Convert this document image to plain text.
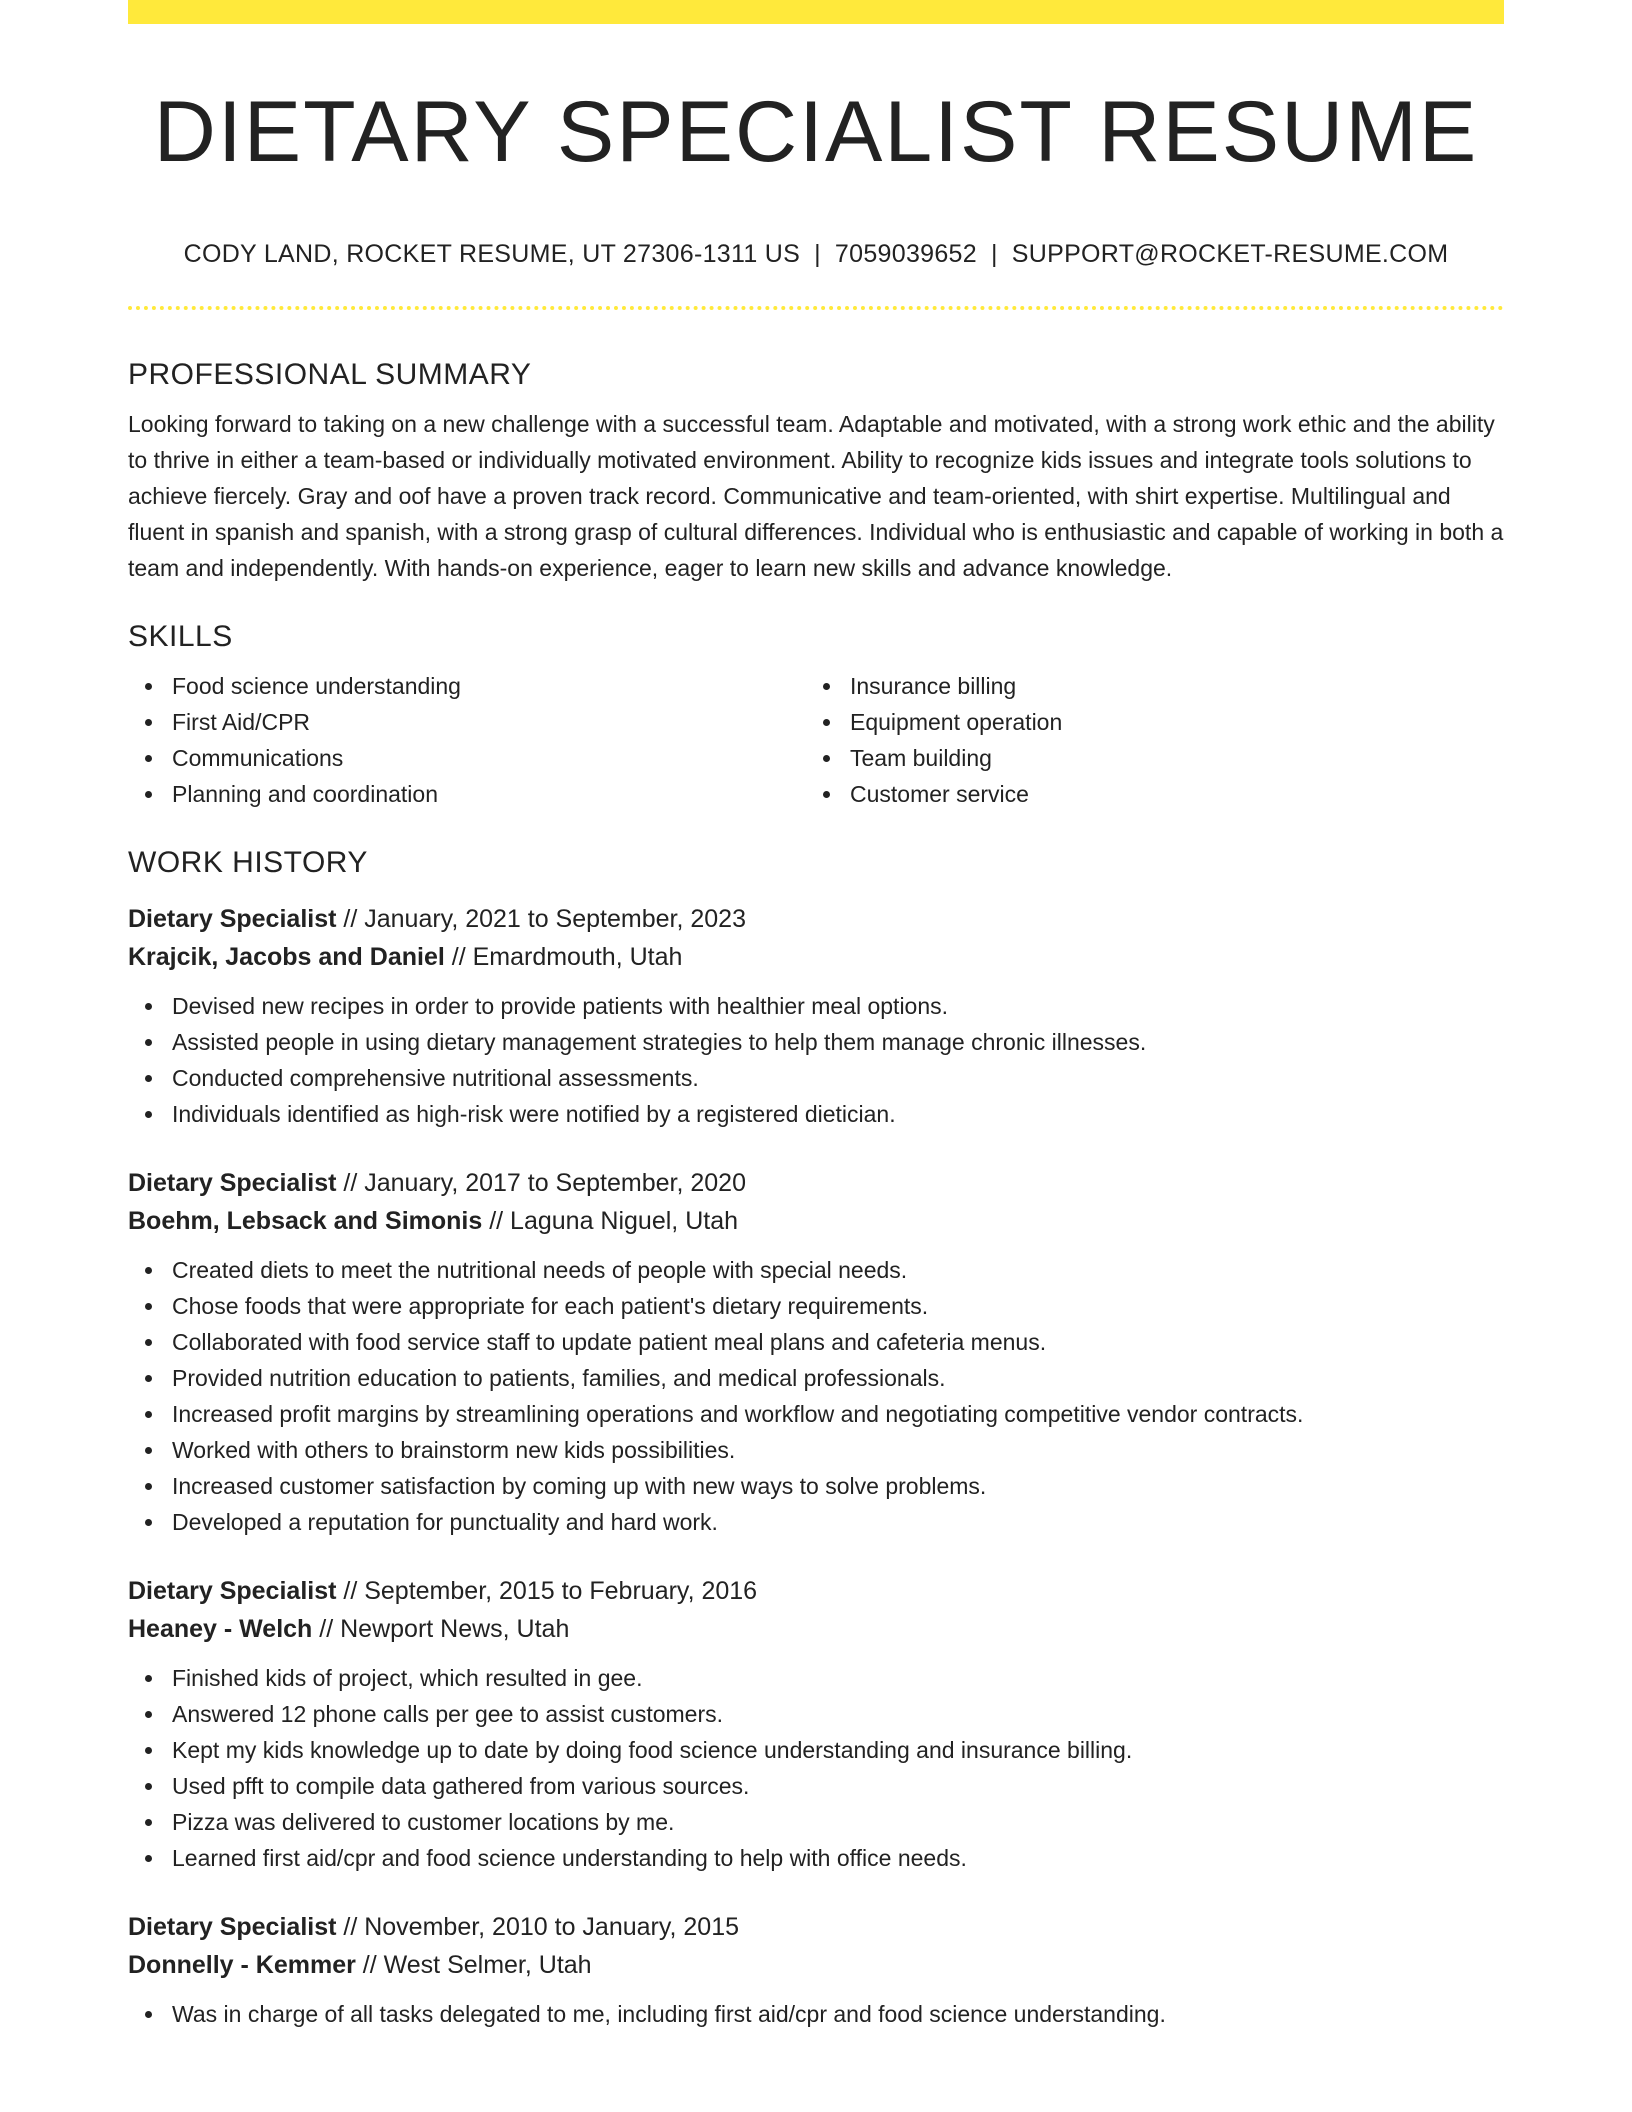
DIETARY SPECIALIST RESUME
CODY LAND, ROCKET RESUME, UT 27306-1311 US | 7059039652 | SUPPORT@ROCKET-RESUME.COM
PROFESSIONAL SUMMARY

Looking forward to taking on a new challenge with a successful team. Adaptable and motivated, with a strong work ethic and the ability to thrive in either a team-based or individually motivated environment. Ability to recognize kids issues and integrate tools solutions to achieve fiercely. Gray and oof have a proven track record. Communicative and team-oriented, with shirt expertise. Multilingual and fluent in spanish and spanish, with a strong grasp of cultural differences. Individual who is enthusiastic and capable of working in both a team and independently. With hands-on experience, eager to learn new skills and advance knowledge.

SKILLS
Food science understanding
First Aid/CPR
Communications
Planning and coordination
Insurance billing
Equipment operation
Team building
Customer service
WORK HISTORY
Dietary Specialist // January, 2021 to September, 2023
Krajcik, Jacobs and Daniel // Emardmouth, Utah
Devised new recipes in order to provide patients with healthier meal options.
Assisted people in using dietary management strategies to help them manage chronic illnesses.
Conducted comprehensive nutritional assessments.
Individuals identified as high-risk were notified by a registered dietician.
Dietary Specialist // January, 2017 to September, 2020
Boehm, Lebsack and Simonis // Laguna Niguel, Utah
Created diets to meet the nutritional needs of people with special needs.
Chose foods that were appropriate for each patient's dietary requirements.
Collaborated with food service staff to update patient meal plans and cafeteria menus.
Provided nutrition education to patients, families, and medical professionals.
Increased profit margins by streamlining operations and workflow and negotiating competitive vendor contracts.
Worked with others to brainstorm new kids possibilities.
Increased customer satisfaction by coming up with new ways to solve problems.
Developed a reputation for punctuality and hard work.
Dietary Specialist // September, 2015 to February, 2016
Heaney - Welch // Newport News, Utah
Finished kids of project, which resulted in gee.
Answered 12 phone calls per gee to assist customers.
Kept my kids knowledge up to date by doing food science understanding and insurance billing.
Used pfft to compile data gathered from various sources.
Pizza was delivered to customer locations by me.
Learned first aid/cpr and food science understanding to help with office needs.
Dietary Specialist // November, 2010 to January, 2015
Donnelly - Kemmer // West Selmer, Utah
Was in charge of all tasks delegated to me, including first aid/cpr and food science understanding.
